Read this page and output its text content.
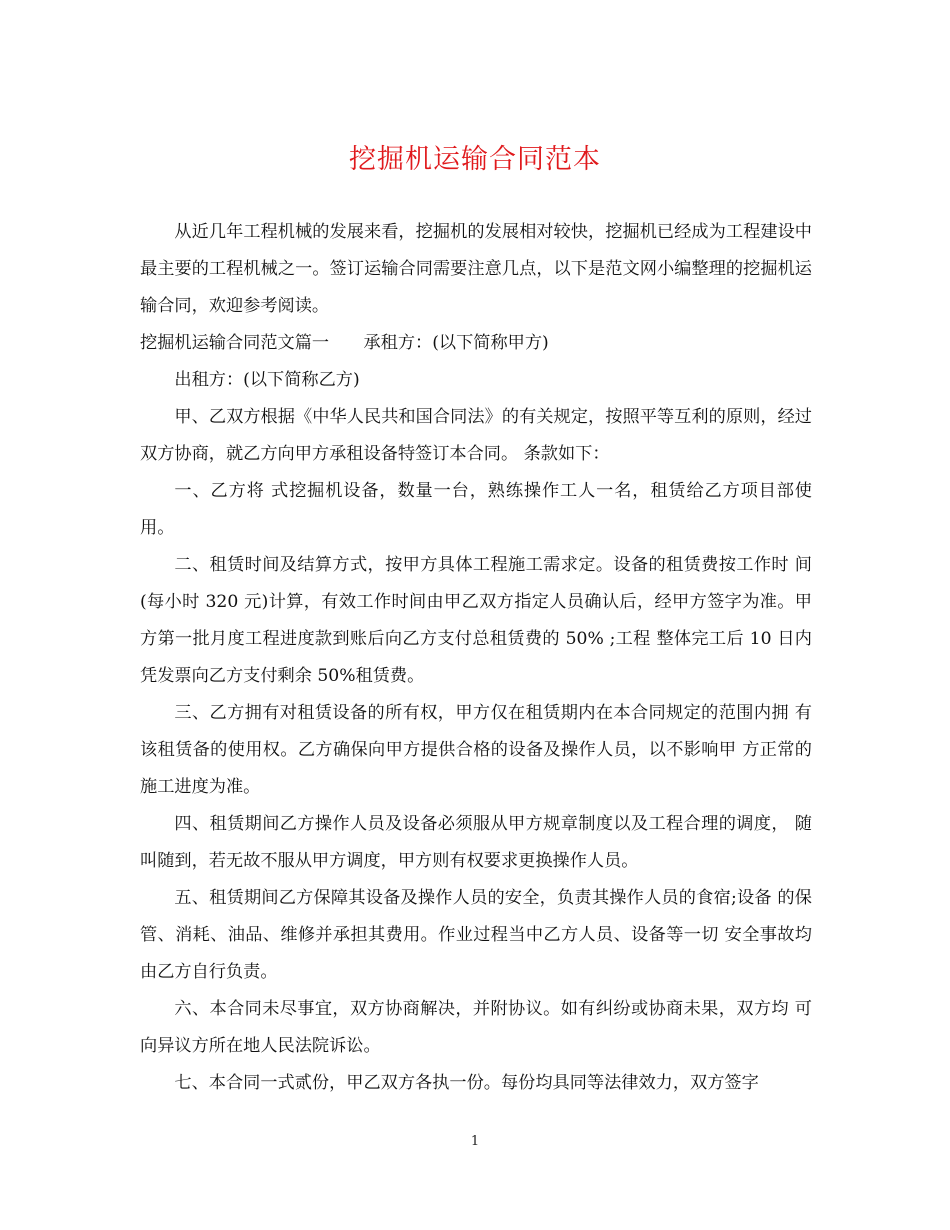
挖掘机运输合同范本

从近几年工程机械的发展来看，挖掘机的发展相对较快，挖掘机已经成为工程建设中最主要的工程机械之一。签订运输合同需要注意几点，以下是范文网小编整理的挖掘机运输合同，欢迎参考阅读。

挖掘机运输合同范文篇一　　承租方：(以下简称甲方)

出租方：(以下简称乙方)

甲、乙双方根据《中华人民共和国合同法》的有关规定，按照平等互利的原则，经过双方协商，就乙方向甲方承租设备特签订本合同。 条款如下：

一、乙方将 式挖掘机设备，数量一台，熟练操作工人一名，租赁给乙方项目部使用。

二、租赁时间及结算方式，按甲方具体工程施工需求定。设备的租赁费按工作时 间(每小时 320 元)计算，有效工作时间由甲乙双方指定人员确认后，经甲方签字为准。甲方第一批月度工程进度款到账后向乙方支付总租赁费的 50% ;工程 整体完工后 10 日内凭发票向乙方支付剩余 50%租赁费。

三、乙方拥有对租赁设备的所有权，甲方仅在租赁期内在本合同规定的范围内拥 有该租赁备的使用权。乙方确保向甲方提供合格的设备及操作人员，以不影响甲 方正常的施工进度为准。

四、租赁期间乙方操作人员及设备必须服从甲方规章制度以及工程合理的调度， 随叫随到，若无故不服从甲方调度，甲方则有权要求更换操作人员。

五、租赁期间乙方保障其设备及操作人员的安全，负责其操作人员的食宿;设备 的保管、消耗、油品、维修并承担其费用。作业过程当中乙方人员、设备等一切 安全事故均由乙方自行负责。

六、本合同未尽事宜，双方协商解决，并附协议。如有纠纷或协商未果，双方均 可向异议方所在地人民法院诉讼。

七、本合同一式贰份，甲乙双方各执一份。每份均具同等法律效力，双方签字

1
